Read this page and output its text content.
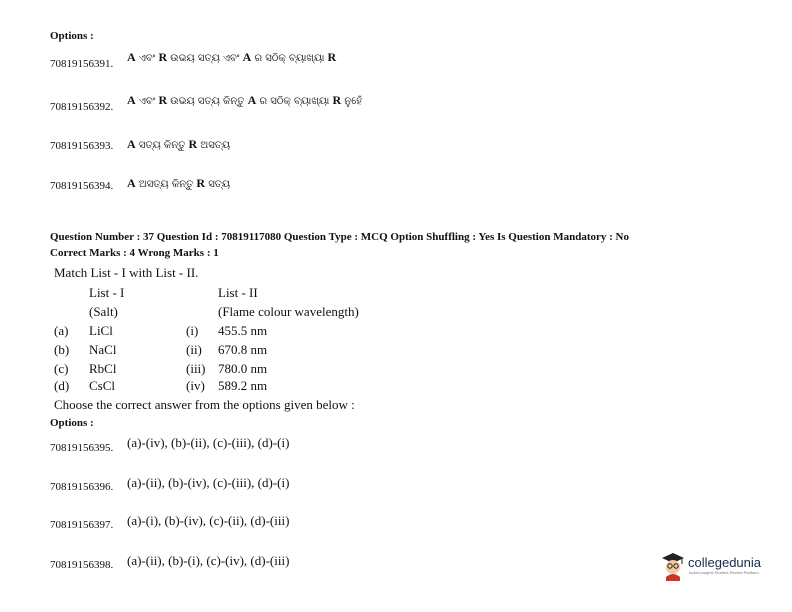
Options :
70819156391. A ଏବଂ R ଉଭୟ ସତ୍ୟ ଏବଂ A ର ସଠିକ୍ ବ୍ୟାଖ୍ୟା R
70819156392. A ଏବଂ R ଉଭୟ ସତ୍ୟ କିନ୍ତୁ A ର ସଠିକ୍ ବ୍ୟାଖ୍ୟା R ନୁହେଁ
70819156393. A ସତ୍ୟ କିନ୍ତୁ R ଅସତ୍ୟ
70819156394. A ଅସତ୍ୟ କିନ୍ତୁ R ସତ୍ୟ
Question Number : 37 Question Id : 70819117080 Question Type : MCQ Option Shuffling : Yes Is Question Mandatory : No
Correct Marks : 4 Wrong Marks : 1
Match List - I with List - II.
List - I	List - II
(Salt)	(Flame colour wavelength)
(a) LiCl	(i) 455.5 nm
(b) NaCl	(ii) 670.8 nm
(c) RbCl	(iii) 780.0 nm
(d) CsCl	(iv) 589.2 nm
Choose the correct answer from the options given below :
Options :
70819156395. (a)-(iv), (b)-(ii), (c)-(iii), (d)-(i)
70819156396. (a)-(ii), (b)-(iv), (c)-(iii), (d)-(i)
70819156397. (a)-(i), (b)-(iv), (c)-(ii), (d)-(iii)
70819156398. (a)-(ii), (b)-(i), (c)-(iv), (d)-(iii)	collegedunia
India's largest Student Review Platform
